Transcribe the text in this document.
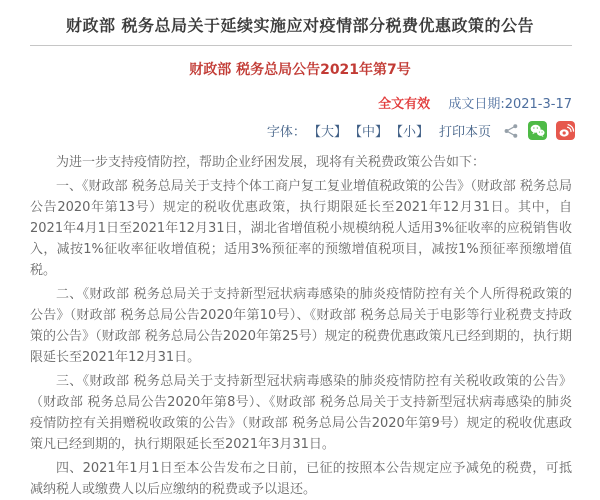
财政部 税务总局关于延续实施应对疫情部分税费优惠政策的公告
财政部 税务总局公告2021年第7号
全文有效 成文日期:2021-3-17
字体： 【大】 【中】 【小】 打印本页

为进一步支持疫情防控，帮助企业纾困发展，现将有关税费政策公告如下：

一、《财政部 税务总局关于支持个体工商户复工复业增值税政策的公告》（财政部 税务总局公告2020年第13号）规定的税收优惠政策，执行期限延长至2021年12月31日。其中，自2021年4月1日至2021年12月31日，湖北省增值税小规模纳税人适用3%征收率的应税销售收入，减按1%征收率征收增值税；适用3%预征率的预缴增值税项目，减按1%预征率预缴增值税。

二、《财政部 税务总局关于支持新型冠状病毒感染的肺炎疫情防控有关个人所得税政策的公告》（财政部 税务总局公告2020年第10号）、《财政部 税务总局关于电影等行业税费支持政策的公告》（财政部 税务总局公告2020年第25号）规定的税费优惠政策凡已经到期的，执行期限延长至2021年12月31日。

三、《财政部 税务总局关于支持新型冠状病毒感染的肺炎疫情防控有关税收政策的公告》（财政部 税务总局公告2020年第8号）、《财政部 税务总局关于支持新型冠状病毒感染的肺炎疫情防控有关捐赠税收政策的公告》（财政部 税务总局公告2020年第9号）规定的税收优惠政策凡已经到期的，执行期限延长至2021年3月31日。

四、2021年1月1日至本公告发布之日前，已征的按照本公告规定应予减免的税费，可抵减纳税人或缴费人以后应缴纳的税费或予以退还。
